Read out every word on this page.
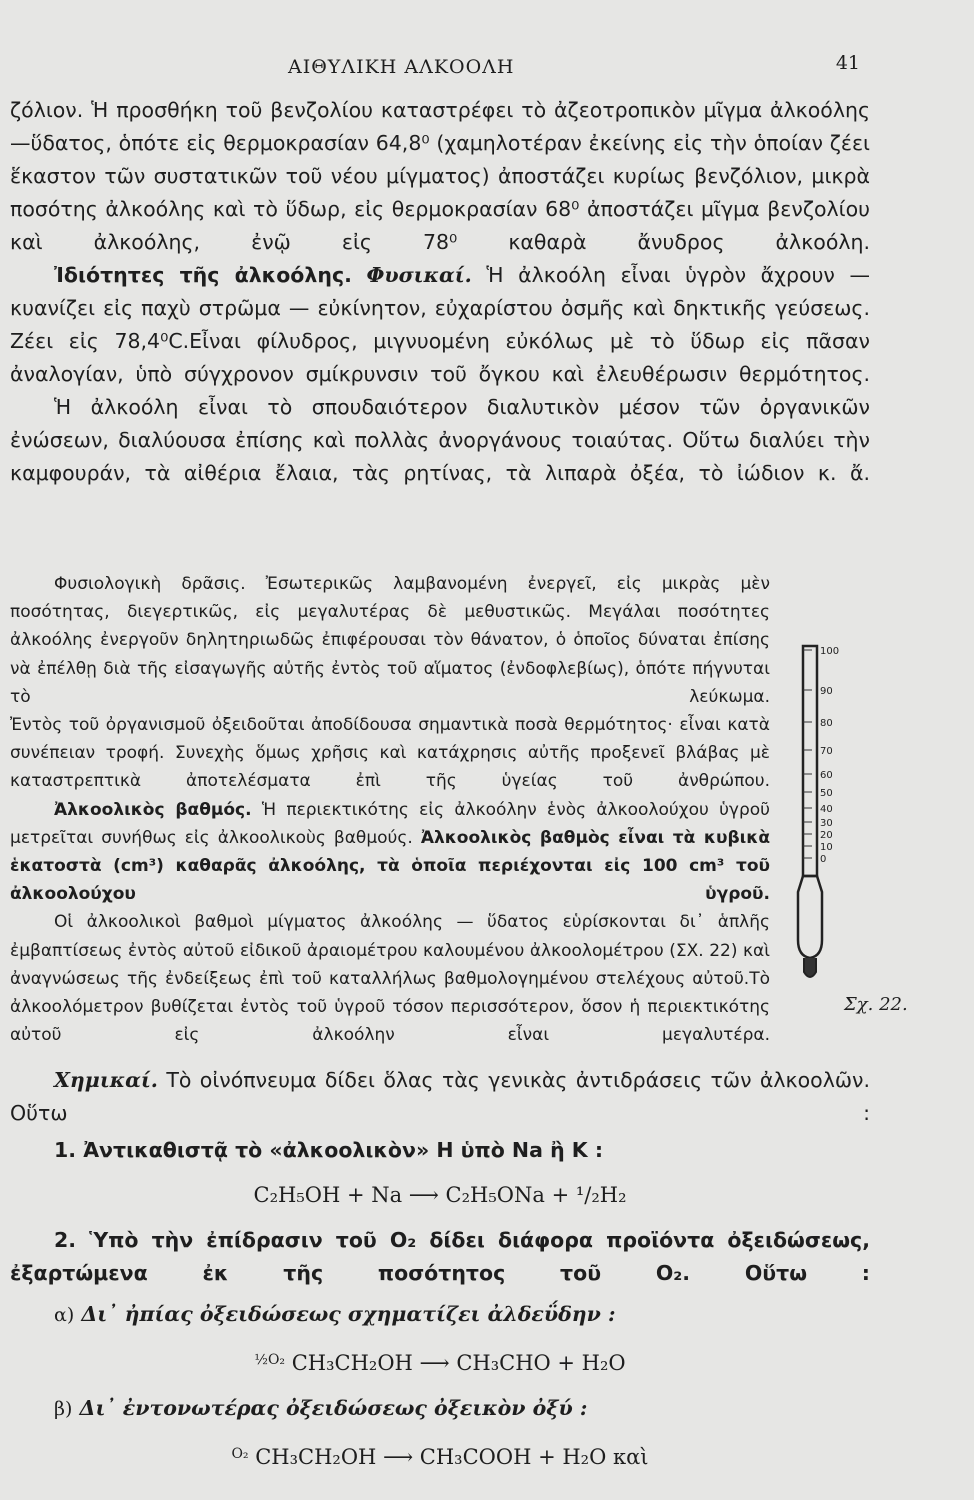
ΑΙΘΥΛΙΚΗ ΑΛΚΟΟΛΗ	41

ζόλιον. Ἡ προσθήκη τοῦ βενζολίου καταστρέφει τὸ ἀζεοτροπικὸν μῖγμα ἀλκοόλης—ὕδατος, ὁπότε εἰς θερμοκρασίαν 64,8⁰ (χαμηλοτέραν ἐκείνης εἰς τὴν ὁποίαν ζέει ἕκαστον τῶν συστατικῶν τοῦ νέου μίγματος) ἀποστάζει κυρίως βενζόλιον, μικρὰ ποσότης ἀλκοόλης καὶ τὸ ὕδωρ, εἰς θερμοκρασίαν 68⁰ ἀποστάζει μῖγμα βενζολίου καὶ ἀλκοόλης, ἐνῷ εἰς 78⁰ καθαρὰ ἄνυδρος ἀλκοόλη.

Ἰδιότητες τῆς ἀλκοόλης. Φυσικαί. Ἡ ἀλκοόλη εἶναι ὑγρὸν ἄχρουν —κυανίζει εἰς παχὺ στρῶμα — εὐκίνητον, εὐχαρίστου ὀσμῆς καὶ δηκτικῆς γεύσεως. Ζέει εἰς 78,4⁰C.Εἶναι φίλυδρος, μιγνυομένη εὐκόλως μὲ τὸ ὕδωρ εἰς πᾶσαν ἀναλογίαν, ὑπὸ σύγχρονον σμίκρυνσιν τοῦ ὄγκου καὶ ἐλευθέρωσιν θερμότητος.

Ἡ ἀλκοόλη εἶναι τὸ σπουδαιότερον διαλυτικὸν μέσον τῶν ὀργανικῶν ἐνώσεων, διαλύουσα ἐπίσης καὶ πολλὰς ἀνοργάνους τοιαύτας. Οὕτω διαλύει τὴν καμφουράν, τὰ αἰθέρια ἔλαια, τὰς ρητίνας, τὰ λιπαρὰ ὀξέα, τὸ ἰώδιον κ. ἄ.

Φυσιολογικὴ δρᾶσις. Ἐσωτερικῶς λαμβανομένη ἐνεργεῖ, εἰς μικρὰς μὲν ποσότητας, διεγερτικῶς, εἰς μεγαλυτέρας δὲ μεθυστικῶς. Μεγάλαι ποσότητες ἀλκοόλης ἐνεργοῦν δηλητηριωδῶς ἐπιφέρουσαι τὸν θάνατον, ὁ ὁποῖος δύναται ἐπίσης νὰ ἐπέλθῃ διὰ τῆς εἰσαγωγῆς αὐτῆς ἐντὸς τοῦ αἵματος (ἐνδοφλεβίως), ὁπότε πήγνυται τὸ λεύκωμα.

Ἐντὸς τοῦ ὀργανισμοῦ ὀξειδοῦται ἀποδίδουσα σημαντικὰ ποσὰ θερμότητος· εἶναι κατὰ συνέπειαν τροφή. Συνεχὴς ὅμως χρῆσις καὶ κατάχρησις αὐτῆς προξενεῖ βλάβας μὲ καταστρεπτικὰ ἀποτελέσματα ἐπὶ τῆς ὑγείας τοῦ ἀνθρώπου.

Ἀλκοολικὸς βαθμός. Ἡ περιεκτικότης εἰς ἀλκοόλην ἑνὸς ἀλκοολούχου ὑγροῦ μετρεῖται συνήθως εἰς ἀλκοολικοὺς βαθμούς. Ἀλκοολικὸς βαθμὸς εἶναι τὰ κυβικὰ ἑκατοστὰ (cm³) καθαρᾶς ἀλκοόλης, τὰ ὁποῖα περιέχονται εἰς 100 cm³ τοῦ ἀλκοολούχου ὑγροῦ.

Οἱ ἀλκοολικοὶ βαθμοὶ μίγματος ἀλκοόλης — ὕδατος εὑρίσκονται δι᾽ ἁπλῆς ἐμβαπτίσεως ἐντὸς αὐτοῦ εἰδικοῦ ἀραιομέτρου καλουμένου ἀλκοολομέτρου (ΣΧ. 22) καὶ ἀναγνώσεως τῆς ἐνδείξεως ἐπὶ τοῦ καταλλήλως βαθμολογημένου στελέχους αὐτοῦ.Τὸ ἀλκοολόμετρον βυθίζεται ἐντὸς τοῦ ὑγροῦ τόσον περισσότερον, ὅσον ἡ περιεκτικότης αὐτοῦ εἰς ἀλκοόλην εἶναι μεγαλυτέρα.

100
90
80
70
60
50
40
30
20
10
0
Σχ. 22.

Χημικαί. Τὸ οἰνόπνευμα δίδει ὅλας τὰς γενικὰς ἀντιδράσεις τῶν ἀλκοολῶν. Οὕτω :

1. Ἀντικαθιστᾷ τὸ «ἀλκοολικὸν» Η ὑπὸ Na ἢ Κ :

C₂H₅OH + Na ⟶ C₂H₅ONa + ¹/₂H₂

2. Ὑπὸ τὴν ἐπίδρασιν τοῦ O₂ δίδει διάφορα προϊόντα ὀξειδώσεως, ἐξαρτώμενα ἐκ τῆς ποσότητος τοῦ O₂. Οὕτω :

α) Δι᾽ ἠπίας ὀξειδώσεως σχηματίζει ἀλδεΰδην :

$^{\frac{1}{2}O_2}$ CH₃CH₂OH ⟶ CH₃CHO + H₂O

β) Δι᾽ ἐντονωτέρας ὀξειδώσεως ὀξεικὸν ὀξύ :

$^{O_2}$ CH₃CH₂OH ⟶ CH₃COOH + H₂O καὶ
